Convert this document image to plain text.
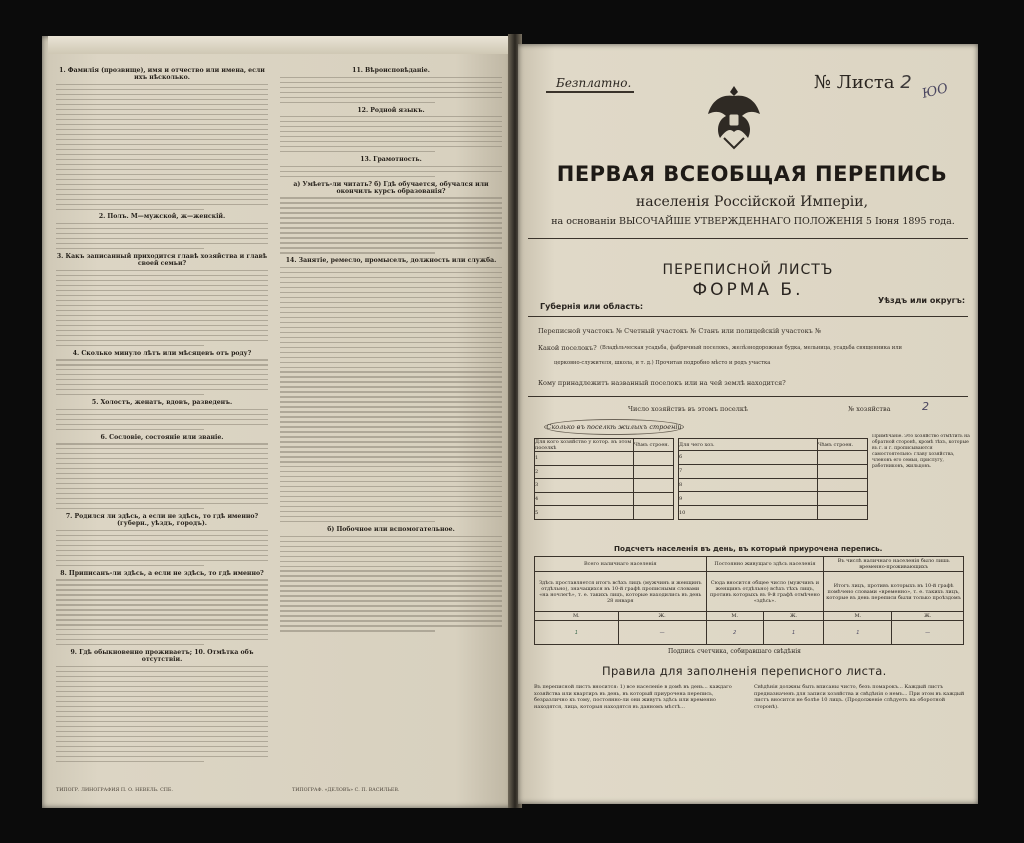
1. Фамилія (прозвище), имя и отчество или имена, если ихъ нѣсколько.
2. Полъ. М—мужской, ж—женскій.
3. Какъ записанный приходится главѣ хозяйства и главѣ своей семьи?
4. Сколько минуло лѣтъ или мѣсяцевъ отъ роду?
5. Холостъ, женатъ, вдовъ, разведенъ.
6. Сословіе, состояніе или званіе.
7. Родился ли здѣсь, а если не здѣсь, то гдѣ именно? (губерн., уѣздъ, городъ).
8. Приписанъ-ли здѣсь, а если не здѣсь, то гдѣ именно?
9. Гдѣ обыкновенно проживаетъ; 10. Отмѣтка объ отсутствіи.
11. Вѣроисповѣданіе.
12. Родной языкъ.
13. Грамотность.
а) Умѣетъ-ли читать? б) Гдѣ обучается, обучался или окончилъ курсъ образованія?
14. Занятіе, ремесло, промыселъ, должность или служба.
б) Побочное или вспомогательное.
ТИПОГР. ЛИНОГРАФИЯ П. О. НЕВЕЛЬ. СПБ.	ТИПОГРАФ. «ДЕЛОВЪ» С. П. ВАСИЛЬЕВ.
Безплатно.	№ Листа 2 ЮО
ПЕРВАЯ ВСЕОБЩАЯ ПЕРЕПИСЬ
населенія Россійской Имперіи,
на основаніи ВЫСОЧАЙШЕ УТВЕРЖДЕННАГО ПОЛОЖЕНІЯ 5 Іюня 1895 года.
Губернія или область:
ПЕРЕПИСНОЙ ЛИСТЪ
ФОРМА Б.
Уѣздъ или округъ:
Переписной участокъ № Счетный участокъ № Станъ или полицейскій участокъ №
Какой поселокъ? (Владѣльческая усадьба, фабричный поселокъ, желѣзнодорожная будка, мельница, усадьба священника или
церковно-служителя, школа, и т. д.) Прочитав подробно мѣсто и родъ участка
Кому принадлежитъ названный поселокъ или на чей землѣ находится?
Число хозяйствъ въ этомъ поселкѣ	№ хозяйства	2
Сколько въ поселкѣ жилыхъ строеній
Для кого хозяйство у котор. въ этом поселкѣ	Чѣмъ строен.
1	
2	
3	
4	
5	
Для чего хоз.	Чѣмъ строен.
6	
7	
8	
9	
10	
Примѣчаніе. Это хозяйство отмѣтить на обратной сторонѣ, кромѣ тѣхъ, которые въ г. и г. прописываются самостоятельно: главу хозяйства, членовъ его семьи, прислугу, работниковъ, жильцовъ.
Подсчетъ населенія въ день, въ который приурочена перепись.
Всего наличнаго населенія		Постоянно живущаго здѣсь населенія		Въ числѣ наличнаго населенія было лишь временно-проживающихъ	
Здѣсь проставляется итогъ всѣхъ лицъ (мужчинъ и женщинъ отдѣльно), значащихся въ 10-й графѣ прописными словами «на ночлегѣ», т. е. такихъ лицъ, которые находились въ день 28 января		Сюда вносится общее число (мужчинъ и женщинъ отдѣльно) всѣхъ тѣхъ лицъ, противъ которыхъ въ 9-й графѣ отмѣчено «здѣсь».		Итогъ лицъ, противъ которыхъ въ 10-й графѣ помѣчено словами «временно», т. е. такихъ лицъ, которые въ день переписи были только проѣздомъ	
М.	Ж.	М.	Ж.	М.	Ж.
1	—	2	1	1	—
Подпись счетчика, собиравшаго свѣдѣнія
Правила для заполненія переписного листа.
Въ переписной листъ вносится: 1) все населеніе в домѣ въ день... каждаго хозяйства или квартиръ въ день, въ который приурочена перепись, безразлично къ тому, постоянно-ли они живутъ здѣсь или временно находятся, лица, которыя находятся въ данномъ мѣстѣ...
Свѣдѣнія должны быть вписаны чисто, безъ помарокъ... Каждый листъ предназначенъ для записи хозяйства и свѣдѣнія о немъ... При этом въ каждый листъ вносится не болѣе 10 лицъ. (Продолженіе слѣдуетъ на оборотной сторонѣ).
